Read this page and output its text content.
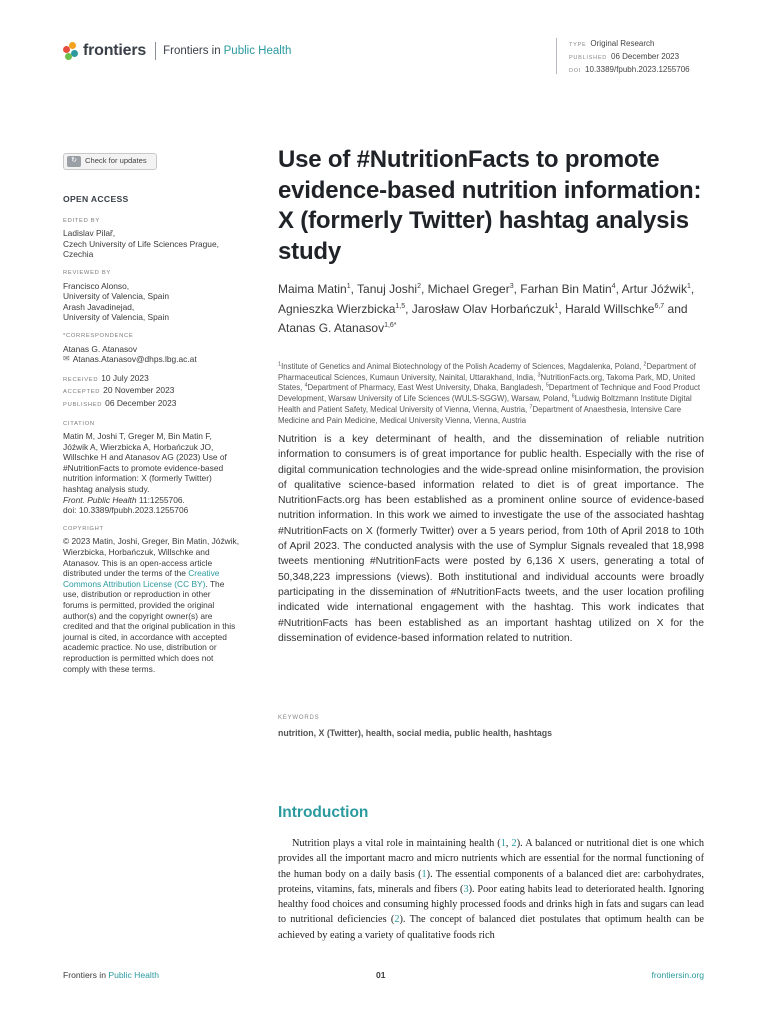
frontiers Frontiers in Public Health	TYPE Original Research
PUBLISHED 06 December 2023
DOI 10.3389/fpubh.2023.1255706
↻	Check for updates
OPEN ACCESS
EDITED BY
Ladislav Pilař,
Czech University of Life Sciences Prague,
Czechia
REVIEWED BY
Francisco Alonso,
University of Valencia, Spain
Arash Javadinejad,
University of Valencia, Spain
*CORRESPONDENCE
Atanas G. Atanasov
✉ Atanas.Atanasov@dhps.lbg.ac.at
RECEIVED 10 July 2023
ACCEPTED 20 November 2023
PUBLISHED 06 December 2023
CITATION
Matin M, Joshi T, Greger M, Bin Matin F,
Jóźwik A, Wierzbicka A, Horbańczuk JO,
Willschke H and Atanasov AG (2023) Use of
#NutritionFacts to promote evidence-based
nutrition information: X (formerly Twitter)
hashtag analysis study.
Front. Public Health 11:1255706.
doi: 10.3389/fpubh.2023.1255706
COPYRIGHT
© 2023 Matin, Joshi, Greger, Bin Matin, Jóźwik,
Wierzbicka, Horbańczuk, Willschke and
Atanasov. This is an open-access article
distributed under the terms of the Creative
Commons Attribution License (CC BY). The
use, distribution or reproduction in other
forums is permitted, provided the original
author(s) and the copyright owner(s) are
credited and that the original publication in this
journal is cited, in accordance with accepted
academic practice. No use, distribution or
reproduction is permitted which does not
comply with these terms.
Use of #NutritionFacts to promote evidence-based nutrition information: X (formerly Twitter) hashtag analysis study
Maima Matin$^1$, Tanuj Joshi$^2$, Michael Greger$^3$, Farhan Bin Matin$^4$, Artur Jóźwik$^1$, Agnieszka Wierzbicka$^{1,5}$, Jarosław Olav Horbańczuk$^1$, Harald Willschke$^{6,7}$ and Atanas G. Atanasov$^{1,6*}$
$^1$Institute of Genetics and Animal Biotechnology of the Polish Academy of Sciences, Magdalenka, Poland, $^2$Department of Pharmaceutical Sciences, Kumaun University, Nainital, Uttarakhand, India, $^3$NutritionFacts.org, Takoma Park, MD, United States, $^4$Department of Pharmacy, East West University, Dhaka, Bangladesh, $^5$Department of Technique and Food Product Development, Warsaw University of Life Sciences (WULS-SGGW), Warsaw, Poland, $^6$Ludwig Boltzmann Institute Digital Health and Patient Safety, Medical University of Vienna, Vienna, Austria, $^7$Department of Anaesthesia, Intensive Care Medicine and Pain Medicine, Medical University Vienna, Vienna, Austria

Nutrition is a key determinant of health, and the dissemination of reliable nutrition information to consumers is of great importance for public health. Especially with the rise of digital communication technologies and the wide-spread online misinformation, the provision of qualitative science-based information related to diet is of great importance. The NutritionFacts.org has been established as a prominent online source of evidence-based nutrition information. In this work we aimed to investigate the use of the associated hashtag #NutritionFacts on X (formerly Twitter) over a 5 years period, from 10th of April 2018 to 10th of April 2023. The conducted analysis with the use of Symplur Signals revealed that 18,998 tweets mentioning #NutritionFacts were posted by 6,136 X users, generating a total of 50,348,223 impressions (views). Both institutional and individual accounts were broadly participating in the dissemination of #NutritionFacts tweets, and the user location profiling indicated wide international engagement with the hashtag. This work indicates that #NutritionFacts has been established as an important hashtag utilized on X for the dissemination of evidence-based information related to nutrition.

KEYWORDS
nutrition, X (Twitter), health, social media, public health, hashtags
Introduction

Nutrition plays a vital role in maintaining health (1, 2). A balanced or nutritional diet is one which provides all the important macro and micro nutrients which are essential for the normal functioning of the human body on a daily basis (1). The essential components of a balanced diet are: carbohydrates, proteins, vitamins, fats, minerals and fibers (3). Poor eating habits lead to deteriorated health. Ignoring healthy food choices and consuming highly processed foods and drinks high in fats and sugars can lead to nutritional deficiencies (2). The concept of balanced diet postulates that optimum health can be achieved by eating a variety of qualitative foods rich

Frontiers in Public Health	01	frontiersin.org
